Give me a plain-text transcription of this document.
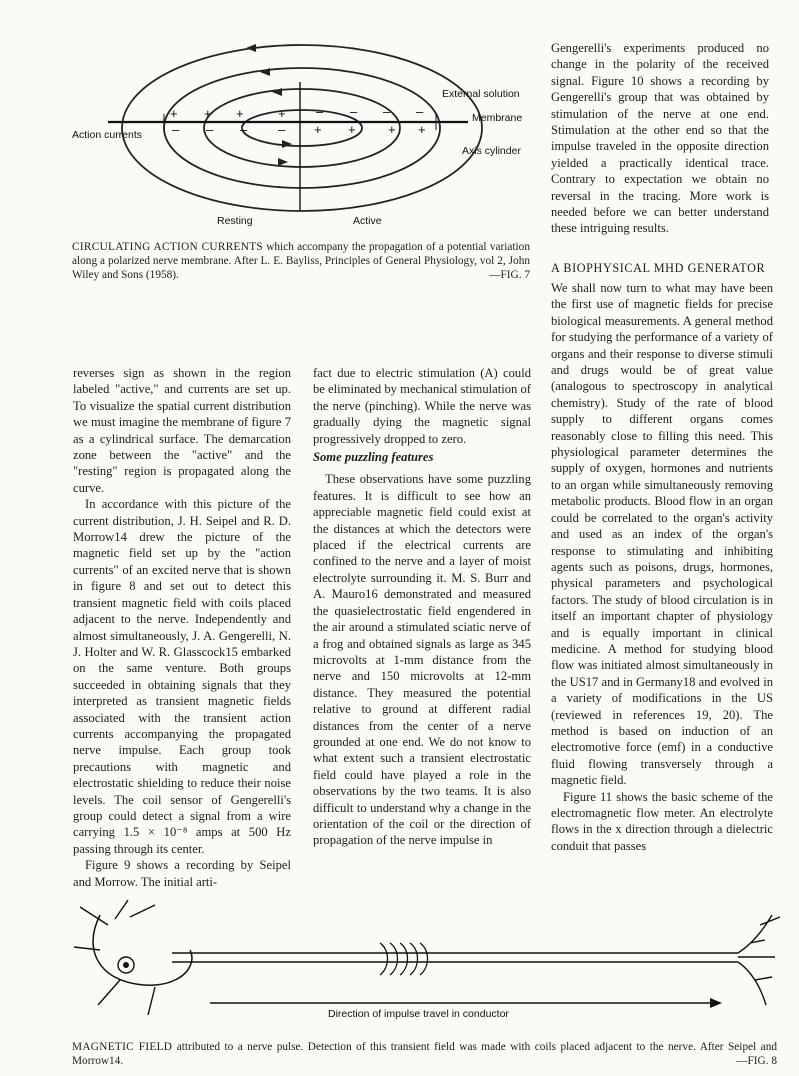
+ + +	+ – – – –
– – – – + + + +
External solution
Membrane
Axis cylinder
Action currents
Resting	Active
CIRCULATING ACTION CURRENTS which accompany the propagation of a potential variation along a polarized nerve membrane. After L. E. Bayliss, Principles of General Physiology, vol 2, John Wiley and Sons (1958).	—FIG. 7

Gengerelli's experiments produced no change in the polarity of the received signal. Figure 10 shows a recording by Gengerelli's group that was obtained by stimulation of the nerve at one end. Stimulation at the other end so that the impulse traveled in the opposite direction yielded a practically identical trace. Contrary to expectation we obtain no reversal in the tracing. More work is needed before we can better understand these intriguing results.

A BIOPHYSICAL MHD GENERATOR

We shall now turn to what may have been the first use of magnetic fields for precise biological measurements. A general method for studying the performance of a variety of organs and their response to diverse stimuli and drugs would be of great value (analogous to spectroscopy in analytical chemistry). Study of the rate of blood supply to different organs comes reasonably close to filling this need. This physiological parameter determines the supply of oxygen, hormones and nutrients to an organ while simultaneously removing metabolic products. Blood flow in an organ could be correlated to the organ's activity and used as an index of the organ's response to stimulating and inhibiting agents such as poisons, drugs, hormones, physical parameters and psychological factors. The study of blood circulation is in itself an important chapter of physiology and is equally important in clinical medicine. A method for studying blood flow was initiated almost simultaneously in the US17 and in Germany18 and evolved in a variety of modifications in the US (reviewed in references 19, 20). The method is based on induction of an electromotive force (emf) in a conductive fluid flowing transversely through a magnetic field.

Figure 11 shows the basic scheme of the electromagnetic flow meter. An electrolyte flows in the x direction through a dielectric conduit that passes

reverses sign as shown in the region labeled "active," and currents are set up. To visualize the spatial current distribution we must imagine the membrane of figure 7 as a cylindrical surface. The demarcation zone between the "active" and the "resting" region is propagated along the curve.

In accordance with this picture of the current distribution, J. H. Seipel and R. D. Morrow14 drew the picture of the magnetic field set up by the "action currents" of an excited nerve that is shown in figure 8 and set out to detect this transient magnetic field with coils placed adjacent to the nerve. Independently and almost simultaneously, J. A. Gengerelli, N. J. Holter and W. R. Glasscock15 embarked on the same venture. Both groups succeeded in obtaining signals that they interpreted as transient magnetic fields associated with the transient action currents accompanying the propagated nerve impulse. Each group took precautions with magnetic and electrostatic shielding to reduce their noise levels. The coil sensor of Gengerelli's group could detect a signal from a wire carrying 1.5 × 10⁻⁸ amps at 500 Hz passing through its center.

Figure 9 shows a recording by Seipel and Morrow. The initial arti-

fact due to electric stimulation (A) could be eliminated by mechanical stimulation of the nerve (pinching). While the nerve was gradually dying the magnetic signal progressively dropped to zero.

Some puzzling features

These observations have some puzzling features. It is difficult to see how an appreciable magnetic field could exist at the distances at which the detectors were placed if the electrical currents are confined to the nerve and a layer of moist electrolyte surrounding it. M. S. Burr and A. Mauro16 demonstrated and measured the quasielectrostatic field engendered in the air around a stimulated sciatic nerve of a frog and obtained signals as large as 345 microvolts at 1-mm distance from the nerve and 150 microvolts at 12-mm distance. They measured the potential relative to ground at different radial distances from the center of a nerve grounded at one end. We do not know to what extent such a transient electrostatic field could have played a role in the observations by the two teams. It is also difficult to understand why a change in the orientation of the coil or the direction of propagation of the nerve impulse in

Direction of impulse travel in conductor
MAGNETIC FIELD attributed to a nerve pulse. Detection of this transient field was made with coils placed adjacent to the nerve. After Seipel and Morrow14.	—FIG. 8
